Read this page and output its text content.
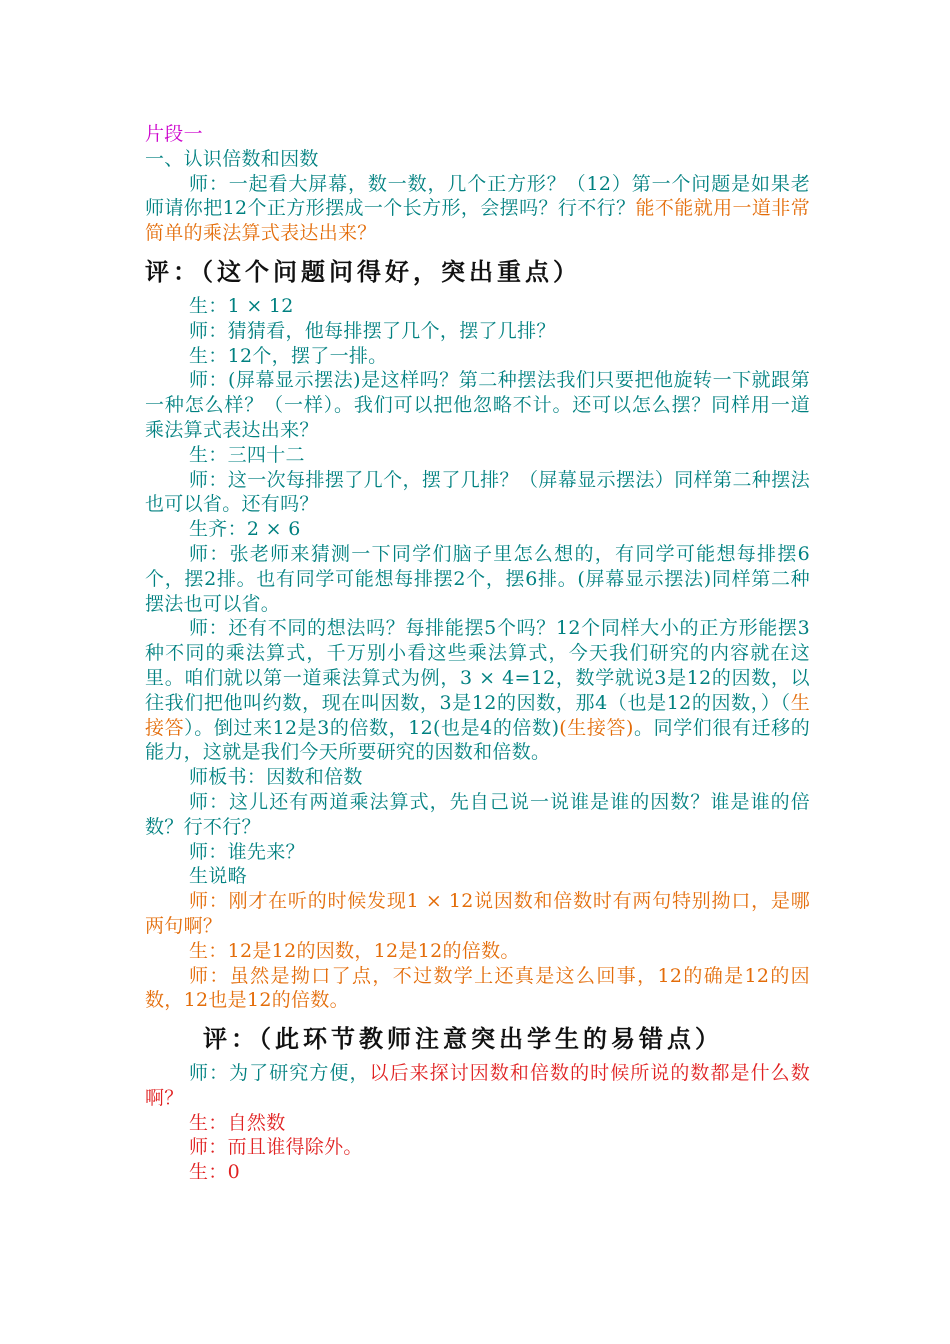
片段一

一、认识倍数和因数

师：一起看大屏幕，数一数，几个正方形？（12）第一个问题是如果老师请你把12个正方形摆成一个长方形，会摆吗？行不行？能不能就用一道非常简单的乘法算式表达出来？

评：（这个问题问得好，突出重点）

生：1 × 12

师：猜猜看，他每排摆了几个，摆了几排？

生：12个，摆了一排。

师：(屏幕显示摆法)是这样吗？第二种摆法我们只要把他旋转一下就跟第一种怎么样？（一样）。我们可以把他忽略不计。还可以怎么摆？同样用一道乘法算式表达出来？

生：三四十二

师：这一次每排摆了几个，摆了几排？（屏幕显示摆法）同样第二种摆法也可以省。还有吗？

生齐：2 × 6

师：张老师来猜测一下同学们脑子里怎么想的，有同学可能想每排摆6个，摆2排。也有同学可能想每排摆2个，摆6排。(屏幕显示摆法)同样第二种摆法也可以省。

师：还有不同的想法吗？每排能摆5个吗？12个同样大小的正方形能摆3种不同的乘法算式，千万别小看这些乘法算式，今天我们研究的内容就在这里。咱们就以第一道乘法算式为例，3 × 4=12，数学就说3是12的因数，以往我们把他叫约数，现在叫因数，3是12的因数，那4（也是12的因数，）（生接答）。倒过来12是3的倍数，12(也是4的倍数)(生接答)。同学们很有迁移的能力，这就是我们今天所要研究的因数和倍数。

师板书：因数和倍数

师：这儿还有两道乘法算式，先自己说一说谁是谁的因数？谁是谁的倍数？行不行？

师：谁先来？

生说略

师：刚才在听的时候发现1 × 12说因数和倍数时有两句特别拗口，是哪两句啊？

生：12是12的因数，12是12的倍数。

师：虽然是拗口了点，不过数学上还真是这么回事，12的确是12的因数，12也是12的倍数。

评：（此环节教师注意突出学生的易错点）

师：为了研究方便，以后来探讨因数和倍数的时候所说的数都是什么数啊？

生：自然数

师：而且谁得除外。

生：0
